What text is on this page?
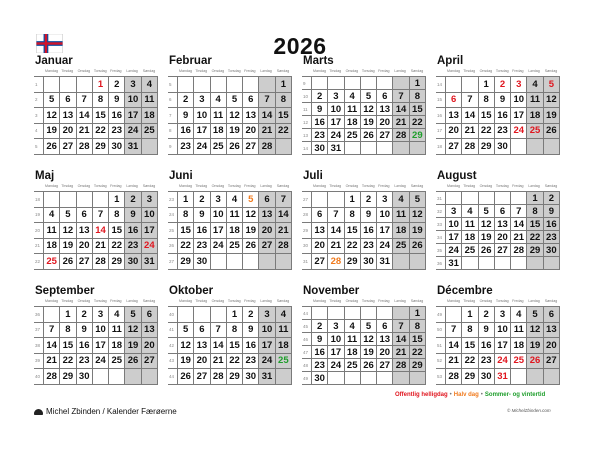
2026
Januar
Mandag Tirsdag	Onsdag	Torsdag Fredag	Lørdag	Søndag
1				1	2	3	4
2	5	6	7	8	9	10	11
3	12	13	14	15	16	17	18
4	19	20	21	22	23	24	25
5	26	27	28	29	30	31	
Februar
Mandag Tirsdag	Onsdag	Torsdag Fredag	Lørdag	Søndag
5							1
6	2	3	4	5	6	7	8
7	9	10	11	12	13	14	15
8	16	17	18	19	20	21	22
9	23	24	25	26	27	28	
Marts
Mandag Tirsdag	Onsdag	Torsdag Fredag	Lørdag	Søndag
9							1
10	2	3	4	5	6	7	8
11	9	10	11	12	13	14	15
12	16	17	18	19	20	21	22
13	23	24	25	26	27	28	29
14	30	31					
April
Mandag Tirsdag	Onsdag	Torsdag Fredag	Lørdag	Søndag
14			1	2	3	4	5
15	6	7	8	9	10	11	12
16	13	14	15	16	17	18	19
17	20	21	22	23	24	25	26
18	27	28	29	30			
Maj
Mandag Tirsdag	Onsdag	Torsdag Fredag	Lørdag	Søndag
18					1	2	3
19	4	5	6	7	8	9	10
20	11	12	13	14	15	16	17
21	18	19	20	21	22	23	24
22	25	26	27	28	29	30	31
Juni
Mandag Tirsdag	Onsdag	Torsdag Fredag	Lørdag	Søndag
23	1	2	3	4	5	6	7
24	8	9	10	11	12	13	14
25	15	16	17	18	19	20	21
26	22	23	24	25	26	27	28
27	29	30					
Juli
Mandag Tirsdag	Onsdag	Torsdag Fredag	Lørdag	Søndag
27			1	2	3	4	5
28	6	7	8	9	10	11	12
29	13	14	15	16	17	18	19
30	20	21	22	23	24	25	26
31	27	28	29	30	31		
August
Mandag Tirsdag	Onsdag	Torsdag Fredag	Lørdag	Søndag
31						1	2
32	3	4	5	6	7	8	9
33	10	11	12	13	14	15	16
34	17	18	19	20	21	22	23
35	24	25	26	27	28	29	30
36	31						
September
Mandag Tirsdag	Onsdag	Torsdag Fredag	Lørdag	Søndag
36		1	2	3	4	5	6
37	7	8	9	10	11	12	13
38	14	15	16	17	18	19	20
39	21	22	23	24	25	26	27
40	28	29	30				
Oktober
Mandag Tirsdag	Onsdag	Torsdag Fredag	Lørdag	Søndag
40				1	2	3	4
41	5	6	7	8	9	10	11
42	12	13	14	15	16	17	18
43	19	20	21	22	23	24	25
44	26	27	28	29	30	31	
November
Mandag Tirsdag	Onsdag	Torsdag Fredag	Lørdag	Søndag
44							1
45	2	3	4	5	6	7	8
46	9	10	11	12	13	14	15
47	16	17	18	19	20	21	22
48	23	24	25	26	27	28	29
49	30						
Décembre
Mandag Tirsdag	Onsdag	Torsdag Fredag	Lørdag	Søndag
49		1	2	3	4	5	6
50	7	8	9	10	11	12	13
51	14	15	16	17	18	19	20
52	21	22	23	24	25	26	27
53	28	29	30	31			
Offentlig helligdag • Halv dag • Sommer- og vintertid
Michel Zbinden / Kalender Færøerne	© MichelZbinden.com
